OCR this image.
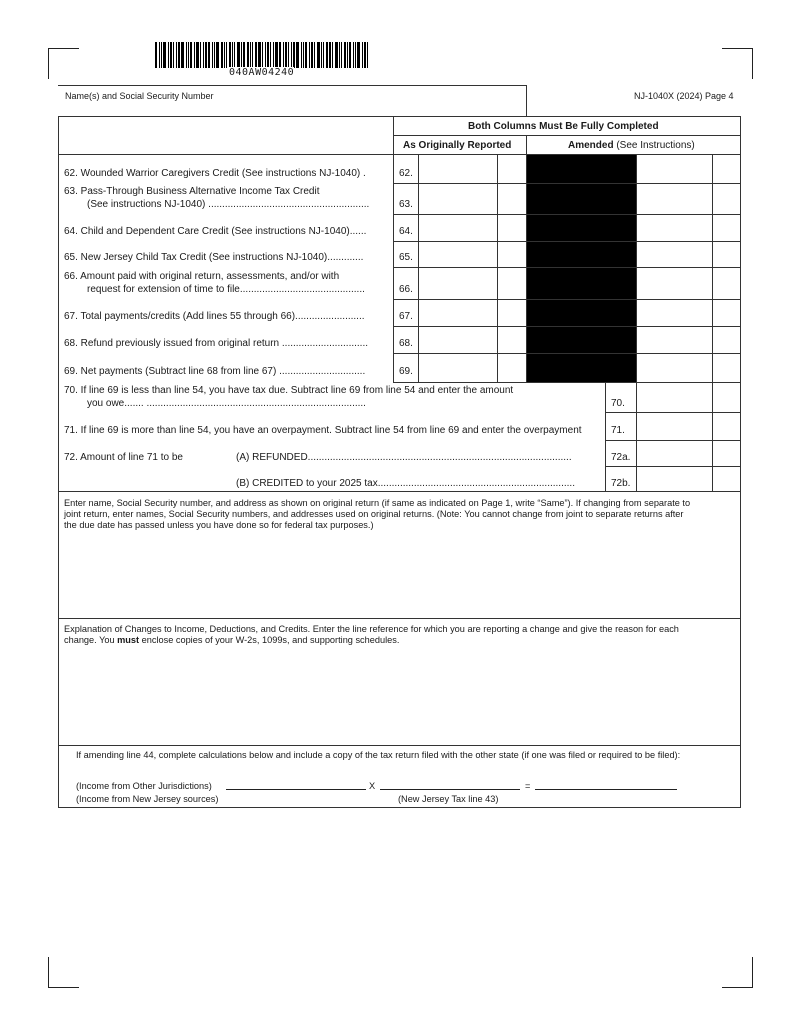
040AW04240
Name(s) and Social Security Number	NJ-1040X (2024) Page 4
Both Columns Must Be Fully Completed
As Originally Reported	Amended (See Instructions)
62. Wounded Warrior Caregivers Credit (See instructions NJ-1040) .	62.
63. Pass-Through Business Alternative Income Tax Credit
(See instructions NJ-1040) ..........................................................	63.
64. Child and Dependent Care Credit (See instructions NJ-1040)......	64.
65. New Jersey Child Tax Credit (See instructions NJ-1040).............	65.
66. Amount paid with original return, assessments, and/or with
request for extension of time to file.............................................	66.
67. Total payments/credits (Add lines 55 through 66).........................	67.
68. Refund previously issued from original return ...............................	68.
69. Net payments (Subtract line 68 from line 67) ...............................	69.
70. If line 69 is less than line 54, you have tax due. Subtract line 69 from line 54 and enter the amount
you owe....... ...............................................................................	70.
71. If line 69 is more than line 54, you have an overpayment. Subtract line 54 from line 69 and enter the overpayment	71.
72. Amount of line 71 to be	(A) REFUNDED...............................................................................................	72a.
(B) CREDITED to your 2025 tax.......................................................................	72b.
Enter name, Social Security number, and address as shown on original return (if same as indicated on Page 1, write “Same”). If changing from separate to
joint return, enter names, Social Security numbers, and addresses used on original returns. (Note: You cannot change from joint to separate returns after
the due date has passed unless you have done so for federal tax purposes.)
Explanation of Changes to Income, Deductions, and Credits. Enter the line reference for which you are reporting a change and give the reason for each
change. You must enclose copies of your W-2s, 1099s, and supporting schedules.
If amending line 44, complete calculations below and include a copy of the tax return filed with the other state (if one was filed or required to be filed):
(Income from Other Jurisdictions)	X	=
(Income from New Jersey sources)	(New Jersey Tax line 43)
